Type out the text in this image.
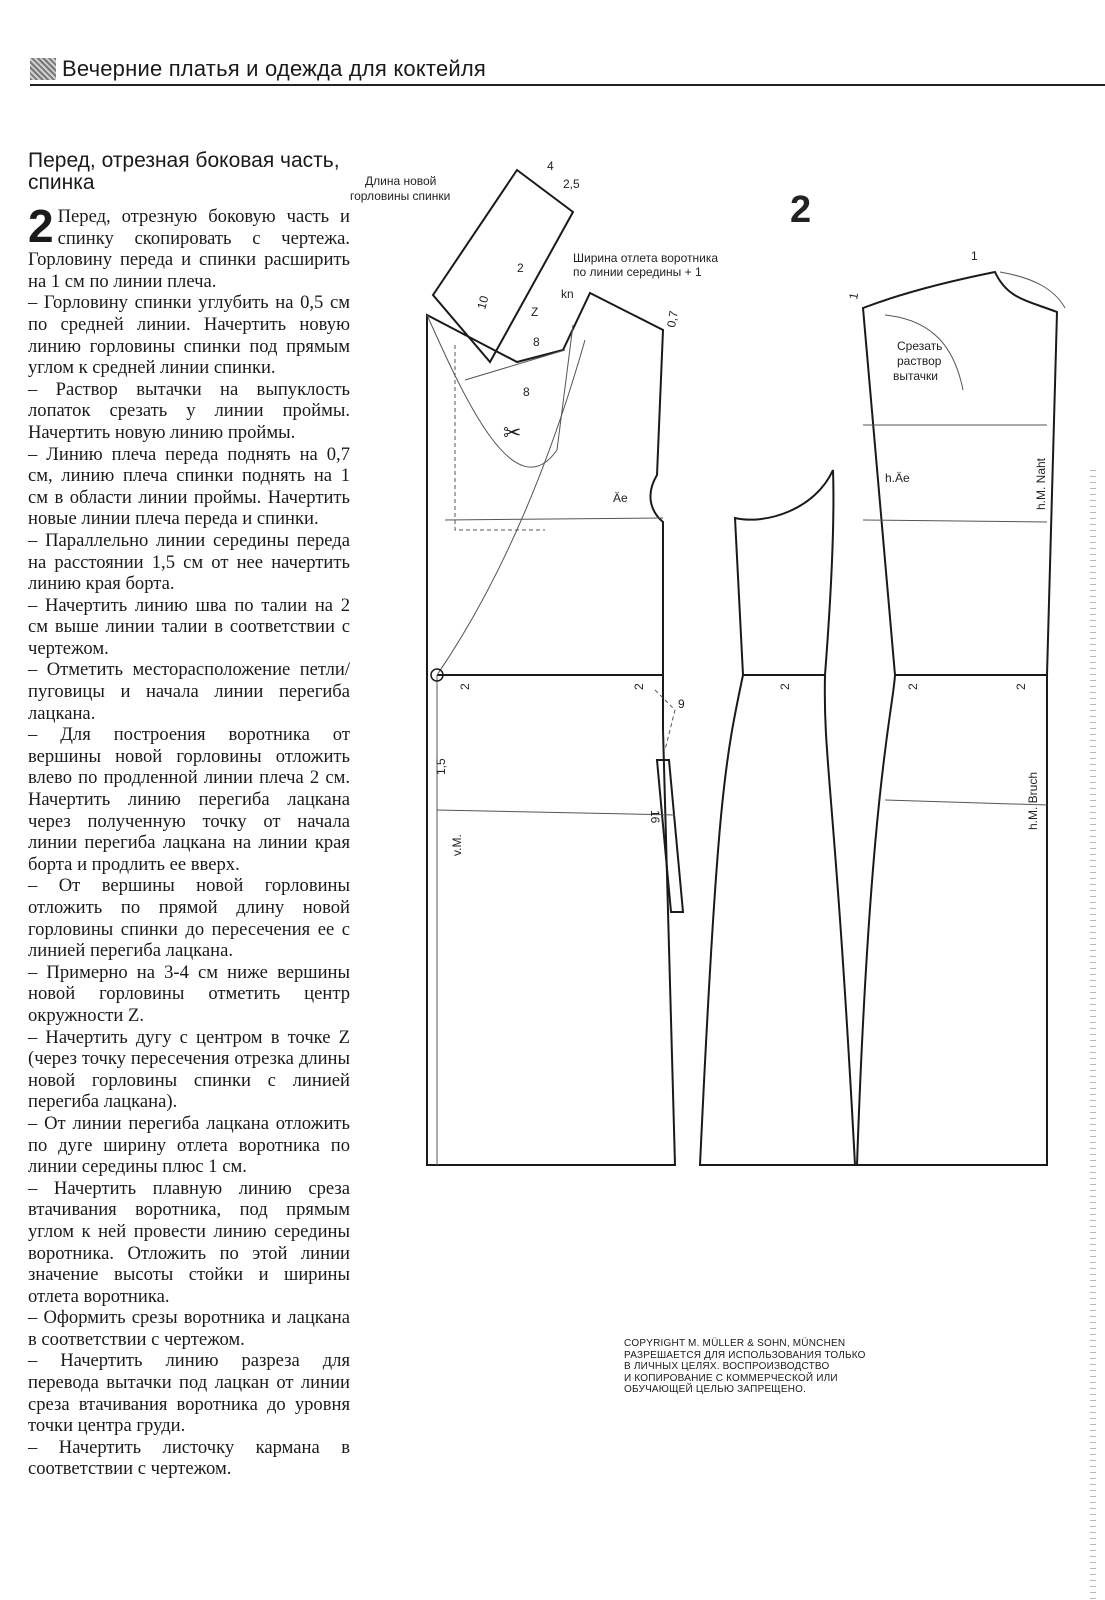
Вечерние платья и одежда для коктейля
Перед, отрезная боковая часть,
спинка

2 Перед, отрезную боковую часть и спинку скопировать с чертежа. Горловину переда и спинки расширить на 1 см по линии плеча.

– Горловину спинки углубить на 0,5 см по средней линии. Начертить новую линию горловины спинки под прямым углом к средней линии спинки.

– Раствор вытачки на выпуклость лопаток срезать у линии проймы. Начертить новую линию проймы.

– Линию плеча переда поднять на 0,7 см, линию плеча спинки поднять на 1 см в области линии проймы. Начертить новые линии плеча переда и спинки.

– Параллельно линии середины переда на расстоянии 1,5 см от нее начертить линию края борта.

– Начертить линию шва по талии на 2 см выше линии талии в соответствии с чертежом.

– Отметить месторасположение петли/пуговицы и начала линии перегиба лацкана.

– Для построения воротника от вершины новой горловины отложить влево по продленной линии плеча 2 см. Начертить линию перегиба лацкана через полученную точку от начала линии перегиба лацкана на линии края борта и продлить ее вверх.

– От вершины новой горловины отложить по прямой длину новой горловины спинки до пересечения ее с линией перегиба лацкана.

– Примерно на 3-4 см ниже вершины новой горловины отметить центр окружности Z.

– Начертить дугу с центром в точке Z (через точку пересечения отрезка длины новой горловины спинки с линией перегиба лацкана).

– От линии перегиба лацкана отложить по дуге ширину отлета воротника по линии середины плюс 1 см.

– Начертить плавную линию среза втачивания воротника, под прямым углом к ней провести линию середины воротника. Отложить по этой линии значение высоты стойки и ширины отлета воротника.

– Оформить срезы воротника и лацкана в соответствии с чертежом.

– Начертить линию разреза для перевода вытачки под лацкан от линии среза втачивания воротника до уровня точки центра груди.

– Начертить листочку кармана в соответствии с чертежом.

✂
2
Длина новой
горловины спинки
Ширина отлета воротника
по линии середины + 1
Срезать
раствор
вытачки
4
2,5
10
2
Z
kn
8
8
0,7
1
1
Äe
h.Äe	h.M. Naht
h.M. Bruch
v.M.
1,5
16
9
2	2	2	2	2
COPYRIGHT M. MÜLLER & SOHN, MÜNCHEN
РАЗРЕШАЕТСЯ ДЛЯ ИСПОЛЬЗОВАНИЯ ТОЛЬКО
В ЛИЧНЫХ ЦЕЛЯХ. ВОСПРОИЗВОДСТВО
И КОПИРОВАНИЕ С КОММЕРЧЕСКОЙ ИЛИ
ОБУЧАЮЩЕЙ ЦЕЛЬЮ ЗАПРЕЩЕНО.
